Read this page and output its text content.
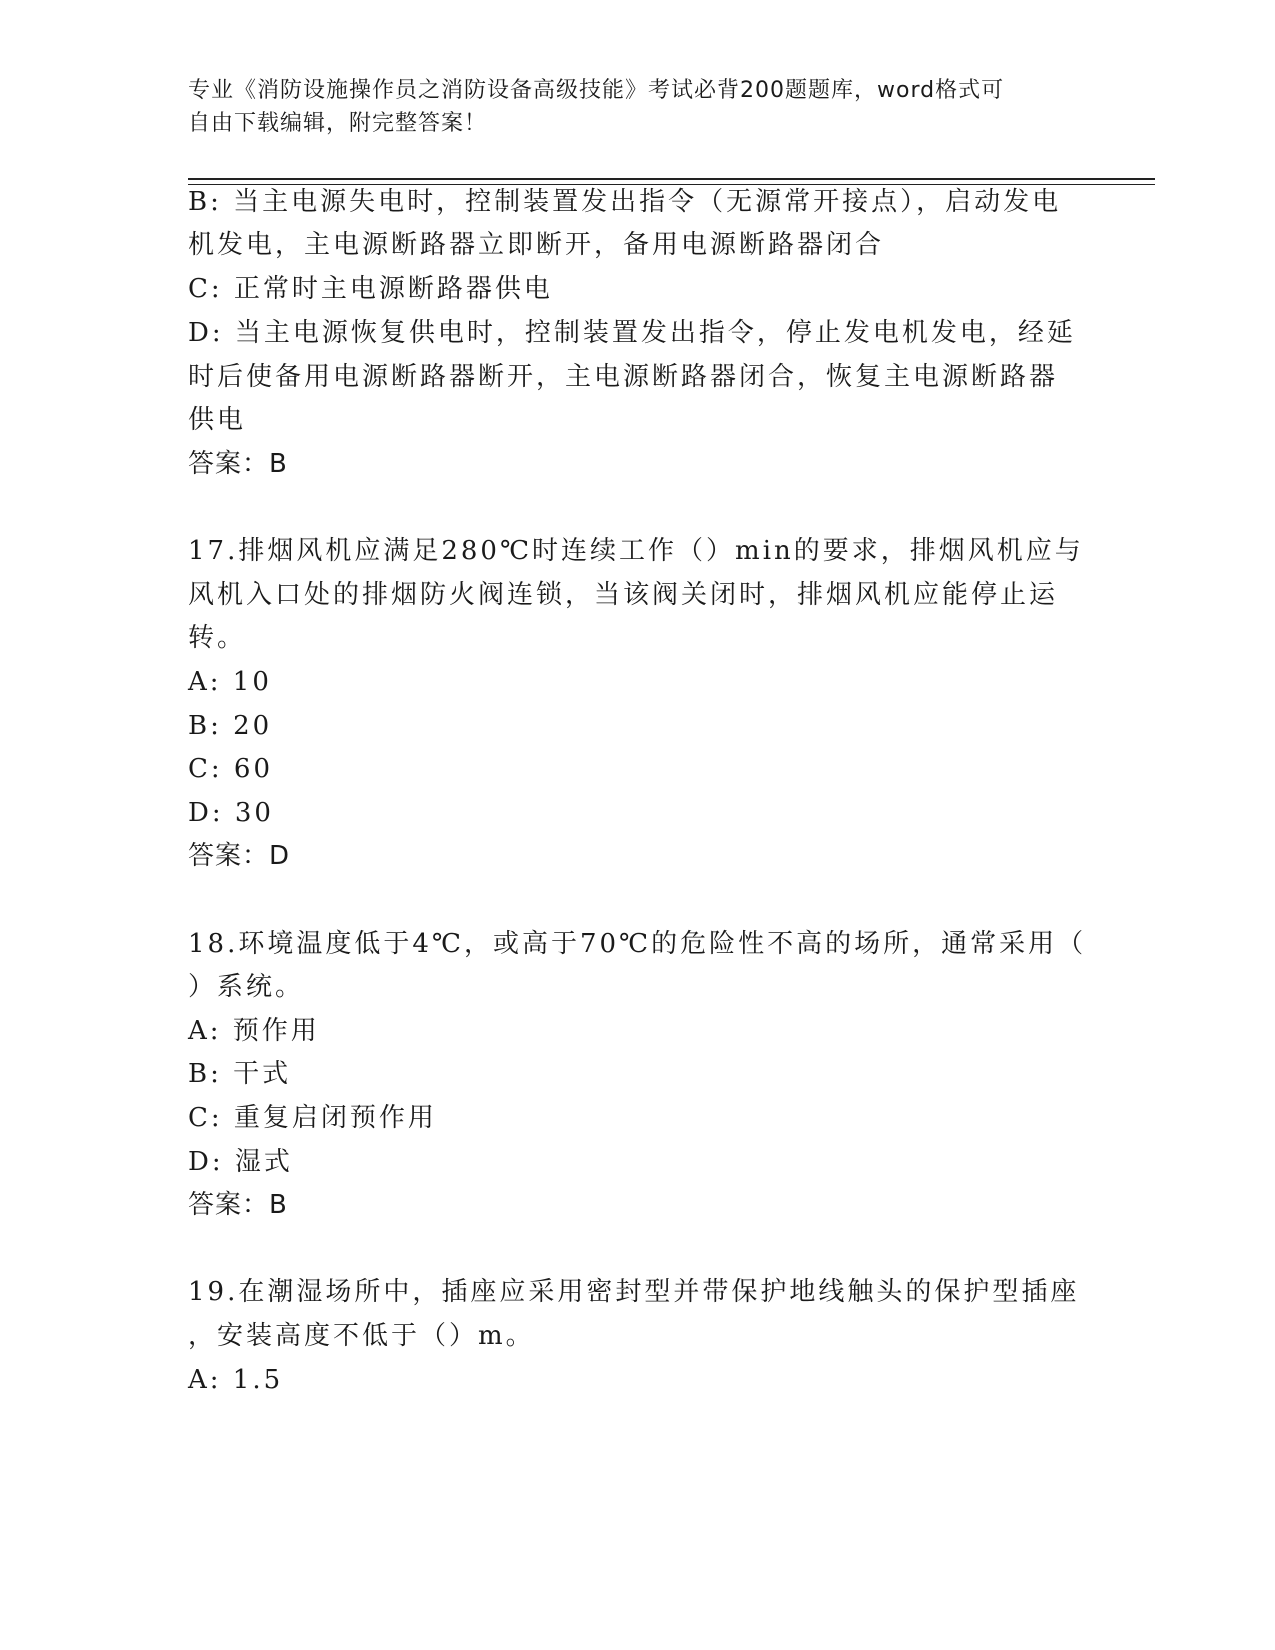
专业《消防设施操作员之消防设备高级技能》考试必背200题题库，word格式可
自由下载编辑，附完整答案！
B: 当主电源失电时，控制装置发出指令（无源常开接点），启动发电
机发电，主电源断路器立即断开，备用电源断路器闭合
C: 正常时主电源断路器供电
D: 当主电源恢复供电时，控制装置发出指令，停止发电机发电，经延
时后使备用电源断路器断开，主电源断路器闭合，恢复主电源断路器
供电
答案：B
17.排烟风机应满足280℃时连续工作（）min的要求，排烟风机应与
风机入口处的排烟防火阀连锁，当该阀关闭时，排烟风机应能停止运
转。
A: 10
B: 20
C: 60
D: 30
答案：D
18.环境温度低于4℃，或高于70℃的危险性不高的场所，通常采用（
）系统。
A: 预作用
B: 干式
C: 重复启闭预作用
D: 湿式
答案：B
19.在潮湿场所中，插座应采用密封型并带保护地线触头的保护型插座
，安装高度不低于（）m。
A: 1.5
